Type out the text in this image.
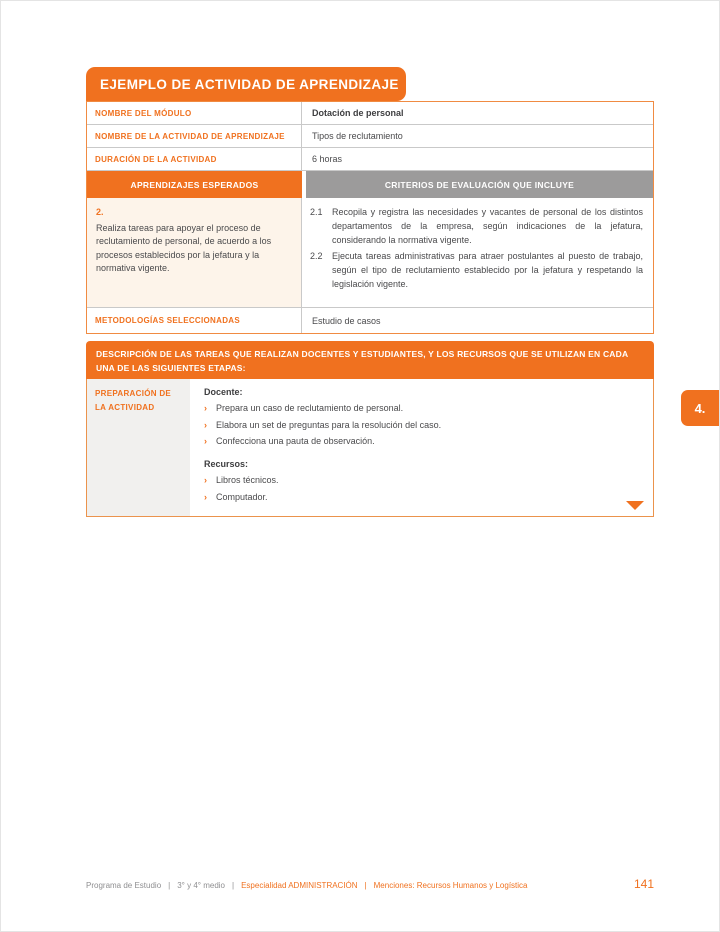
EJEMPLO DE ACTIVIDAD DE APRENDIZAJE
NOMBRE DEL MÓDULO	Dotación de personal
NOMBRE DE LA ACTIVIDAD DE APRENDIZAJE	Tipos de reclutamiento
DURACIÓN DE LA ACTIVIDAD	6 horas
APRENDIZAJES ESPERADOS	CRITERIOS DE EVALUACIÓN QUE INCLUYE
2.
Realiza tareas para apoyar el proceso de reclutamiento de personal, de acuerdo a los procesos establecidos por la jefatura y la normativa vigente.
2.1	Recopila y registra las necesidades y vacantes de personal de los distintos departamentos de la empresa, según indicaciones de la jefatura, considerando la normativa vigente.
2.2	Ejecuta tareas administrativas para atraer postulantes al puesto de trabajo, según el tipo de reclutamiento establecido por la jefatura y respetando la legislación vigente.
METODOLOGÍAS SELECCIONADAS	Estudio de casos
DESCRIPCIÓN DE LAS TAREAS QUE REALIZAN DOCENTES Y ESTUDIANTES, Y LOS RECURSOS QUE SE UTILIZAN EN CADA UNA DE LAS SIGUIENTES ETAPAS:
PREPARACIÓN DE LA ACTIVIDAD
Docente:
›	Prepara un caso de reclutamiento de personal.
›	Elabora un set de preguntas para la resolución del caso.
›	Confecciona una pauta de observación.
Recursos:
›	Libros técnicos.
›	Computador.
4.
Programa de Estudio | 3° y 4° medio | Especialidad ADMINISTRACIÓN | Menciones: Recursos Humanos y Logística	141
